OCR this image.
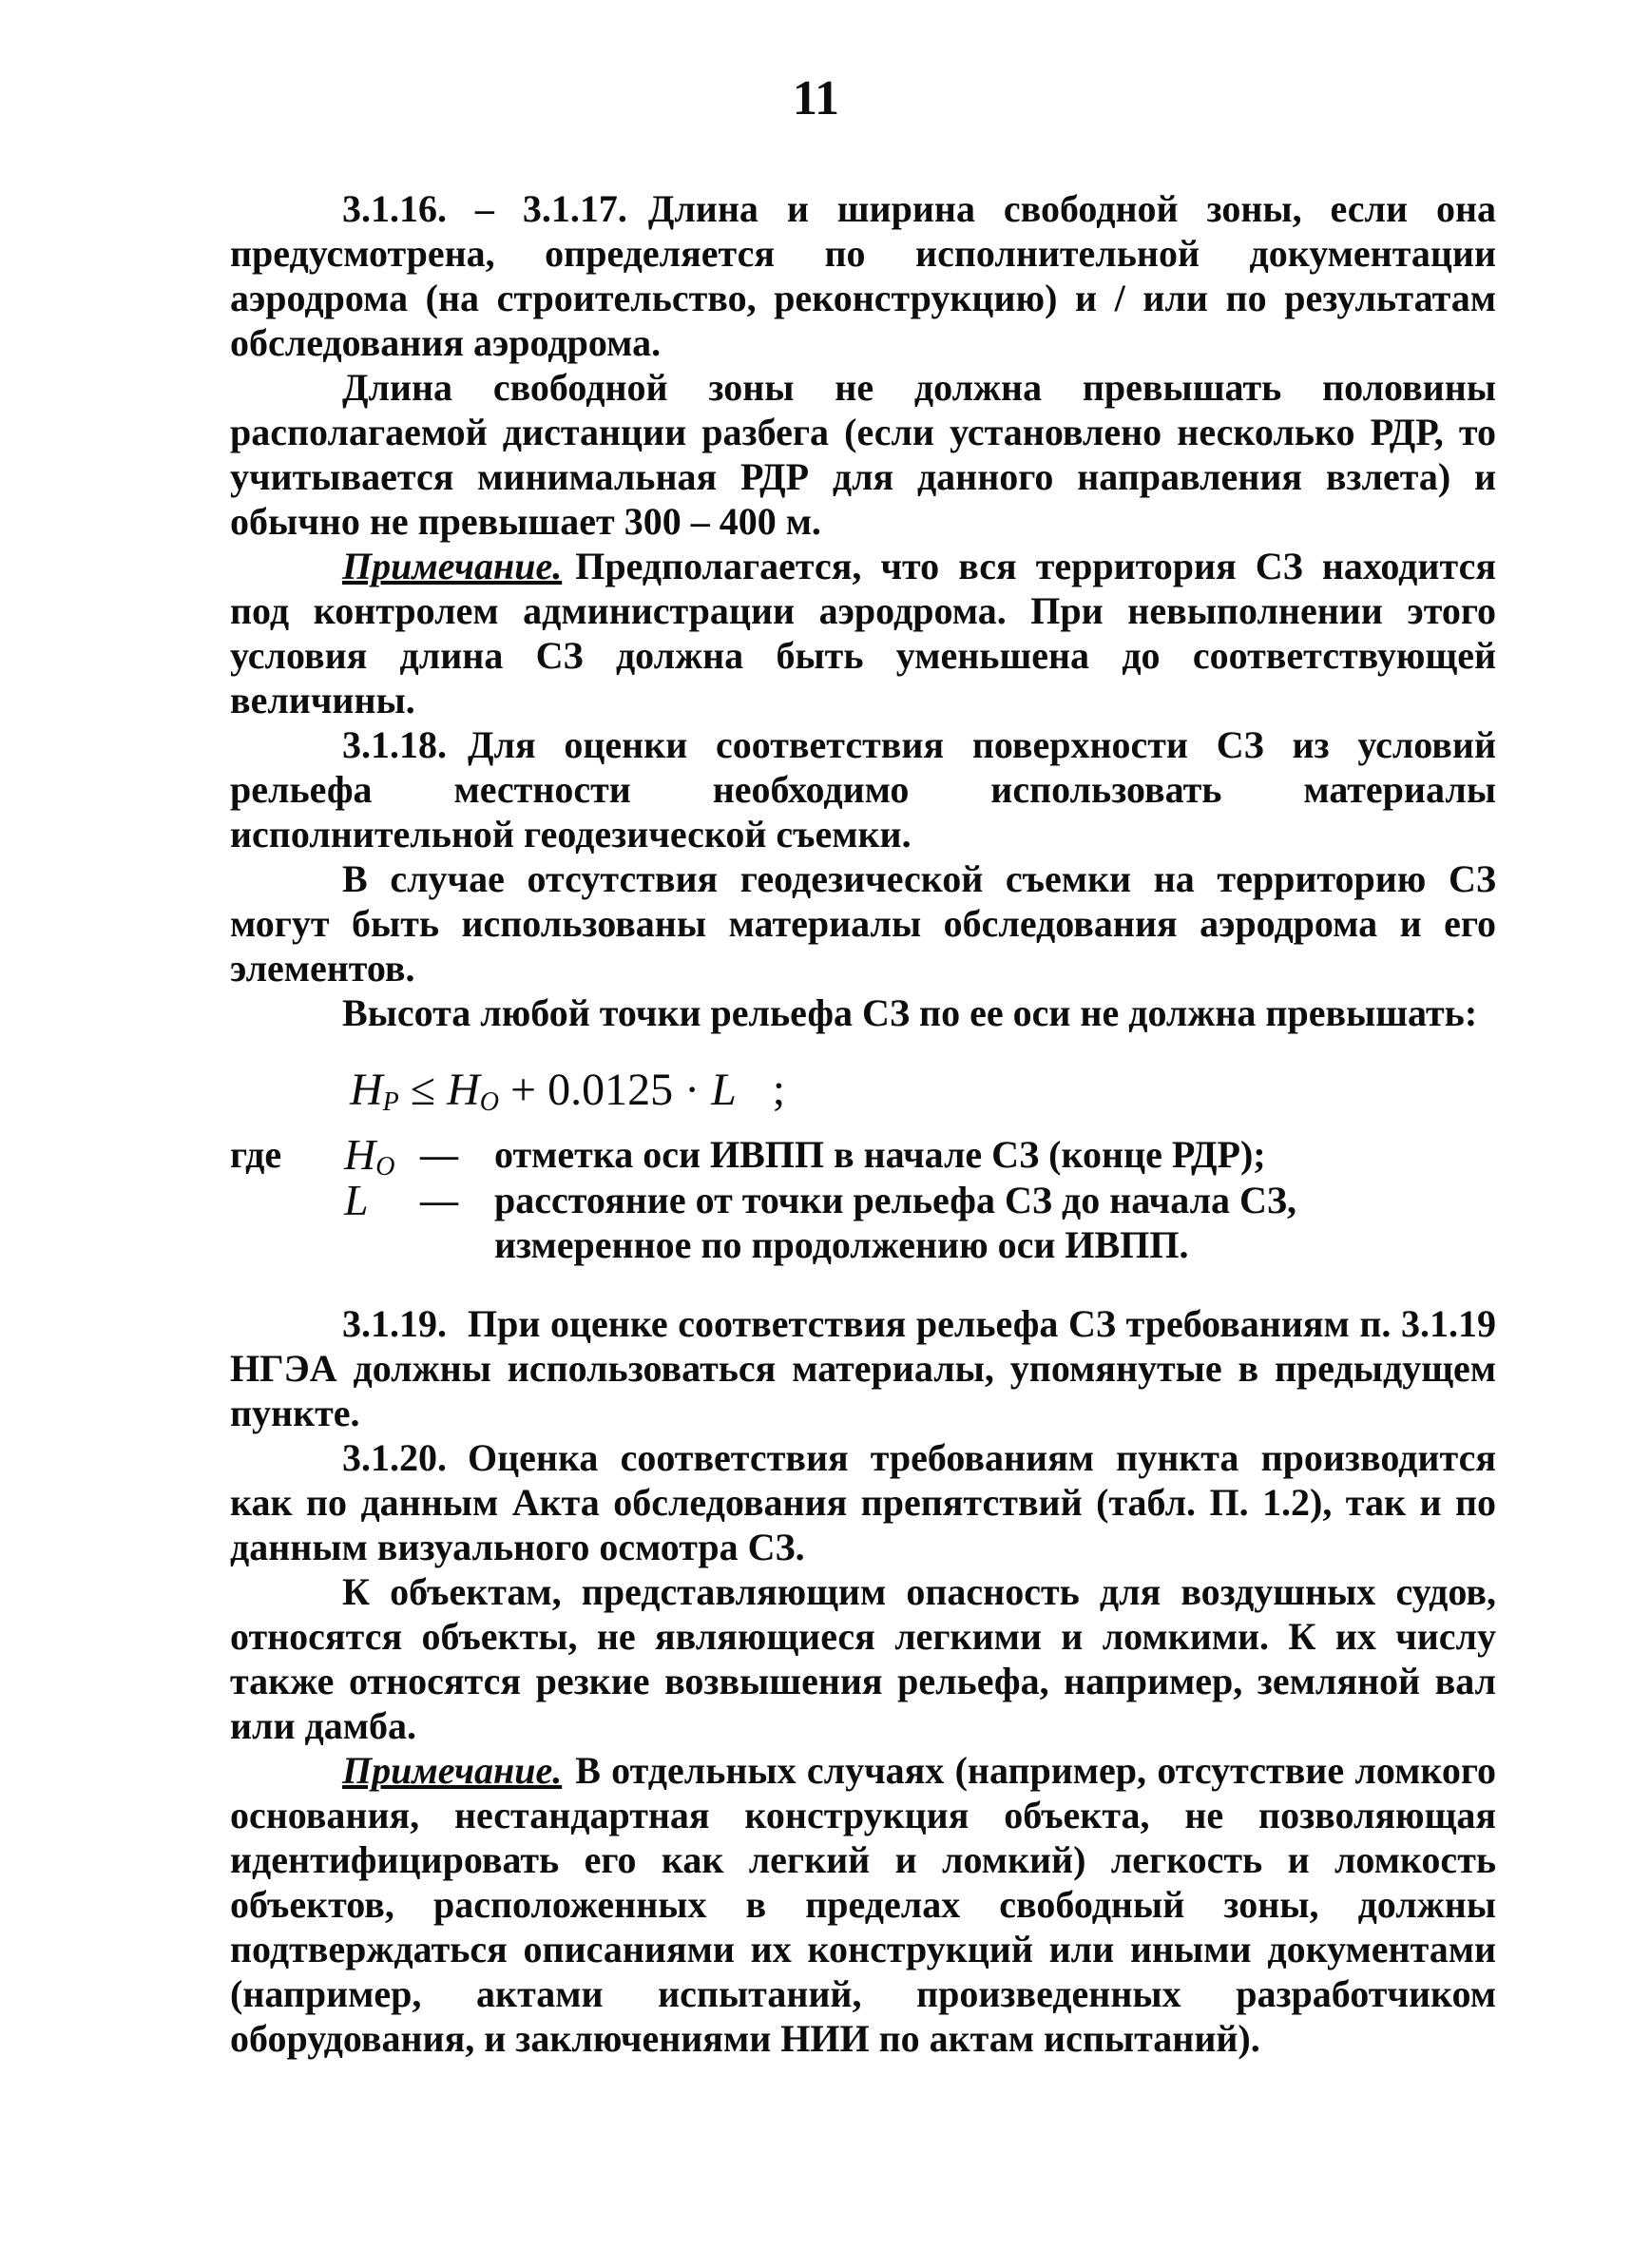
11

3.1.16. – 3.1.17. Длина и ширина свободной зоны, если она предусмотрена, определяется по исполнительной документации аэродрома (на строительство, реконструкцию) и / или по результатам обследования аэродрома.

Длина свободной зоны не должна превышать половины располагаемой дистанции разбега (если установлено несколько РДР, то учитывается минимальная РДР для данного направления взлета) и обычно не превышает 300 – 400 м.

Примечание. Предполагается, что вся территория СЗ находится под контролем администрации аэродрома. При невыполнении этого условия длина СЗ должна быть уменьшена до соответствующей величины.

3.1.18. Для оценки соответствия поверхности СЗ из условий рельефа местности необходимо использовать материалы исполнительной геодезической съемки.

В случае отсутствия геодезической съемки на территорию СЗ могут быть использованы материалы обследования аэродрома и его элементов.

Высота любой точки рельефа СЗ по ее оси не должна превышать:

$H_P \le H_O + 0.0125 \cdot L$ ;
где	$H_O$ — отметка оси ИВПП в начале СЗ (конце РДР);
L — расстояние от точки рельефа СЗ до начала СЗ, измеренное по продолжению оси ИВПП.

3.1.19. При оценке соответствия рельефа СЗ требованиям п. 3.1.19 НГЭА должны использоваться материалы, упомянутые в предыдущем пункте.

3.1.20. Оценка соответствия требованиям пункта производится как по данным Акта обследования препятствий (табл. П. 1.2), так и по данным визуального осмотра СЗ.

К объектам, представляющим опасность для воздушных судов, относятся объекты, не являющиеся легкими и ломкими. К их числу также относятся резкие возвышения рельефа, например, земляной вал или дамба.

Примечание. В отдельных случаях (например, отсутствие ломкого основания, нестандартная конструкция объекта, не позволяющая идентифицировать его как легкий и ломкий) легкость и ломкость объектов, расположенных в пределах свободный зоны, должны подтверждаться описаниями их конструкций или иными документами (например, актами испытаний, произведенных разработчиком оборудования, и заключениями НИИ по актам испытаний).
